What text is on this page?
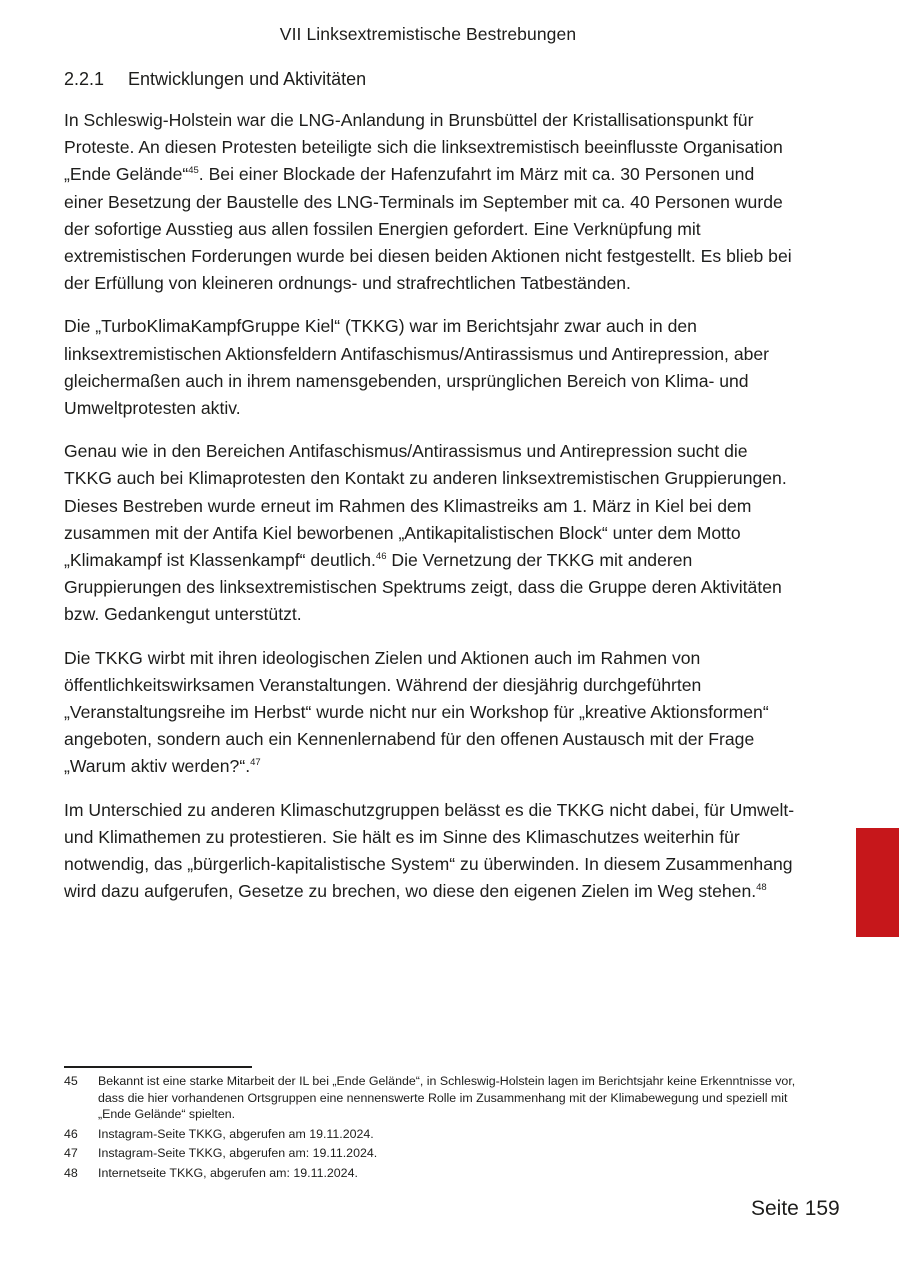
VII Linksextremistische Bestrebungen
2.2.1 Entwicklungen und Aktivitäten

In Schleswig-Holstein war die LNG-Anlandung in Brunsbüttel der Kristallisationspunkt für Proteste. An diesen Protesten beteiligte sich die linksextremistisch beeinflusste Organisation „Ende Gelände“$^{45}$. Bei einer Blockade der Hafenzufahrt im März mit ca. 30 Personen und einer Besetzung der Baustelle des LNG-Terminals im September mit ca. 40 Personen wurde der sofortige Ausstieg aus allen fossilen Energien gefordert. Eine Verknüpfung mit extremistischen Forderungen wurde bei diesen beiden Aktionen nicht festgestellt. Es blieb bei der Erfüllung von kleineren ordnungs- und strafrechtlichen Tatbeständen.

Die „TurboKlimaKampfGruppe Kiel“ (TKKG) war im Berichtsjahr zwar auch in den linksextremistischen Aktionsfeldern Antifaschismus/Antirassismus und Antirepression, aber gleichermaßen auch in ihrem namensgebenden, ursprünglichen Bereich von Klima- und Umweltprotesten aktiv.

Genau wie in den Bereichen Antifaschismus/Antirassismus und Antirepression sucht die TKKG auch bei Klimaprotesten den Kontakt zu anderen linksextremistischen Gruppierungen. Dieses Bestreben wurde erneut im Rahmen des Klimastreiks am 1. März in Kiel bei dem zusammen mit der Antifa Kiel beworbenen „Antikapitalistischen Block“ unter dem Motto „Klimakampf ist Klassenkampf“ deutlich.$^{46}$ Die Vernetzung der TKKG mit anderen Gruppierungen des linksextremistischen Spektrums zeigt, dass die Gruppe deren Aktivitäten bzw. Gedankengut unterstützt.

Die TKKG wirbt mit ihren ideologischen Zielen und Aktionen auch im Rahmen von öffentlichkeitswirksamen Veranstaltungen. Während der diesjährig durchgeführten „Veranstaltungsreihe im Herbst“ wurde nicht nur ein Workshop für „kreative Aktionsformen“ angeboten, sondern auch ein Kennenlernabend für den offenen Austausch mit der Frage „Warum aktiv werden?“.$^{47}$

Im Unterschied zu anderen Klimaschutzgruppen belässt es die TKKG nicht dabei, für Umwelt- und Klimathemen zu protestieren. Sie hält es im Sinne des Klimaschutzes weiterhin für notwendig, das „bürgerlich-kapitalistische System“ zu überwinden. In diesem Zusammenhang wird dazu aufgerufen, Gesetze zu brechen, wo diese den eigenen Zielen im Weg stehen.$^{48}$

45	Bekannt ist eine starke Mitarbeit der IL bei „Ende Gelände“, in Schleswig-Holstein lagen im Berichtsjahr keine Erkenntnisse vor, dass die hier vorhandenen Ortsgruppen eine nennenswerte Rolle im Zusammenhang mit der Klimabewegung und speziell mit „Ende Gelände“ spielten.
46	Instagram-Seite TKKG, abgerufen am 19.11.2024.
47	Instagram-Seite TKKG, abgerufen am: 19.11.2024.
48	Internetseite TKKG, abgerufen am: 19.11.2024.
Seite 159
